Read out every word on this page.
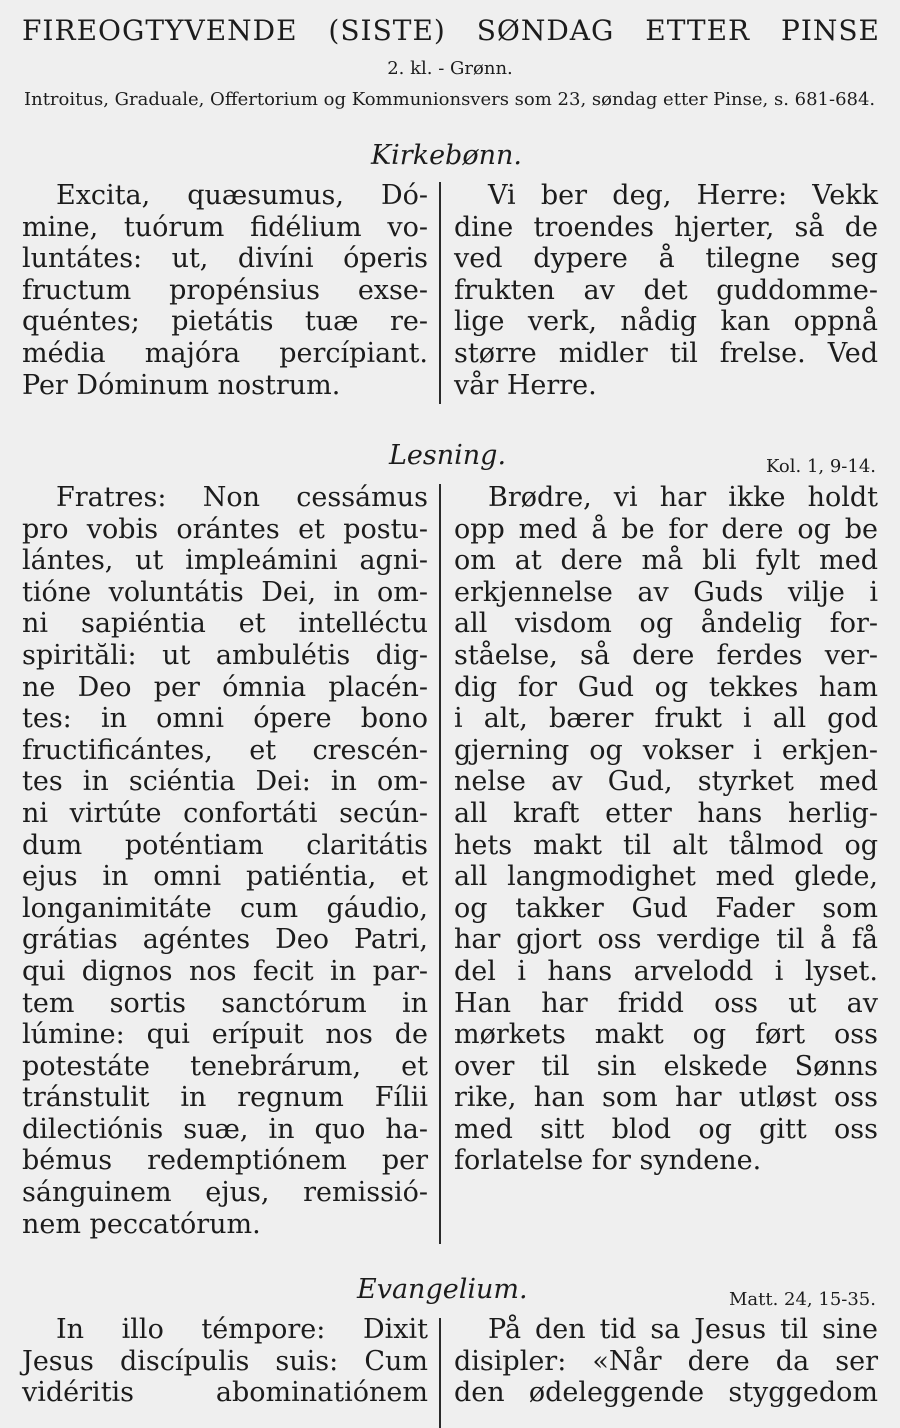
FIREOGTYVENDE (SISTE) SØNDAG ETTER PINSE
2. kl. - Grønn.
Introitus, Graduale, Offertorium og Kommunionsvers som 23, søndag etter Pinse, s. 681-684.
Kirkebønn.
Excita, quæsumus, Dó-
mine, tuórum fidélium vo-
luntátes: ut, divíni óperis
fructum propénsius exse-
quéntes; pietátis tuæ re-
média majóra percípiant.
Per Dóminum nostrum.
Vi ber deg, Herre: Vekk
dine troendes hjerter, så de
ved dypere å tilegne seg
frukten av det guddomme-
lige verk, nådig kan oppnå
større midler til frelse. Ved
vår Herre.
Lesning.	Kol. 1, 9-14.
Fratres: Non cessámus
pro vobis orántes et postu-
lántes, ut impleámini agni-
tióne voluntátis Dei, in om-
ni sapiéntia et intelléctu
spirităli: ut ambulétis dig-
ne Deo per ómnia placén-
tes: in omni ópere bono
fructificántes, et crescén-
tes in sciéntia Dei: in om-
ni virtúte confortáti secún-
dum poténtiam claritátis
ejus in omni patiéntia, et
longanimitáte cum gáudio,
grátias agéntes Deo Patri,
qui dignos nos fecit in par-
tem sortis sanctórum in
lúmine: qui erípuit nos de
potestáte tenebrárum, et
tránstulit in regnum Fílii
dilectiónis suæ, in quo ha-
bémus redemptiónem per
sánguinem ejus, remissió-
nem peccatórum.
Brødre, vi har ikke holdt
opp med å be for dere og be
om at dere må bli fylt med
erkjennelse av Guds vilje i
all visdom og åndelig for-
ståelse, så dere ferdes ver-
dig for Gud og tekkes ham
i alt, bærer frukt i all god
gjerning og vokser i erkjen-
nelse av Gud, styrket med
all kraft etter hans herlig-
hets makt til alt tålmod og
all langmodighet med glede,
og takker Gud Fader som
har gjort oss verdige til å få
del i hans arvelodd i lyset.
Han har fridd oss ut av
mørkets makt og ført oss
over til sin elskede Sønns
rike, han som har utløst oss
med sitt blod og gitt oss
forlatelse for syndene.
Evangelium.	Matt. 24, 15-35.
In illo témpore: Dixit
Jesus discípulis suis: Cum
vidéritis abominatiónem
På den tid sa Jesus til sine
disipler: «Når dere da ser
den ødeleggende styggedom
